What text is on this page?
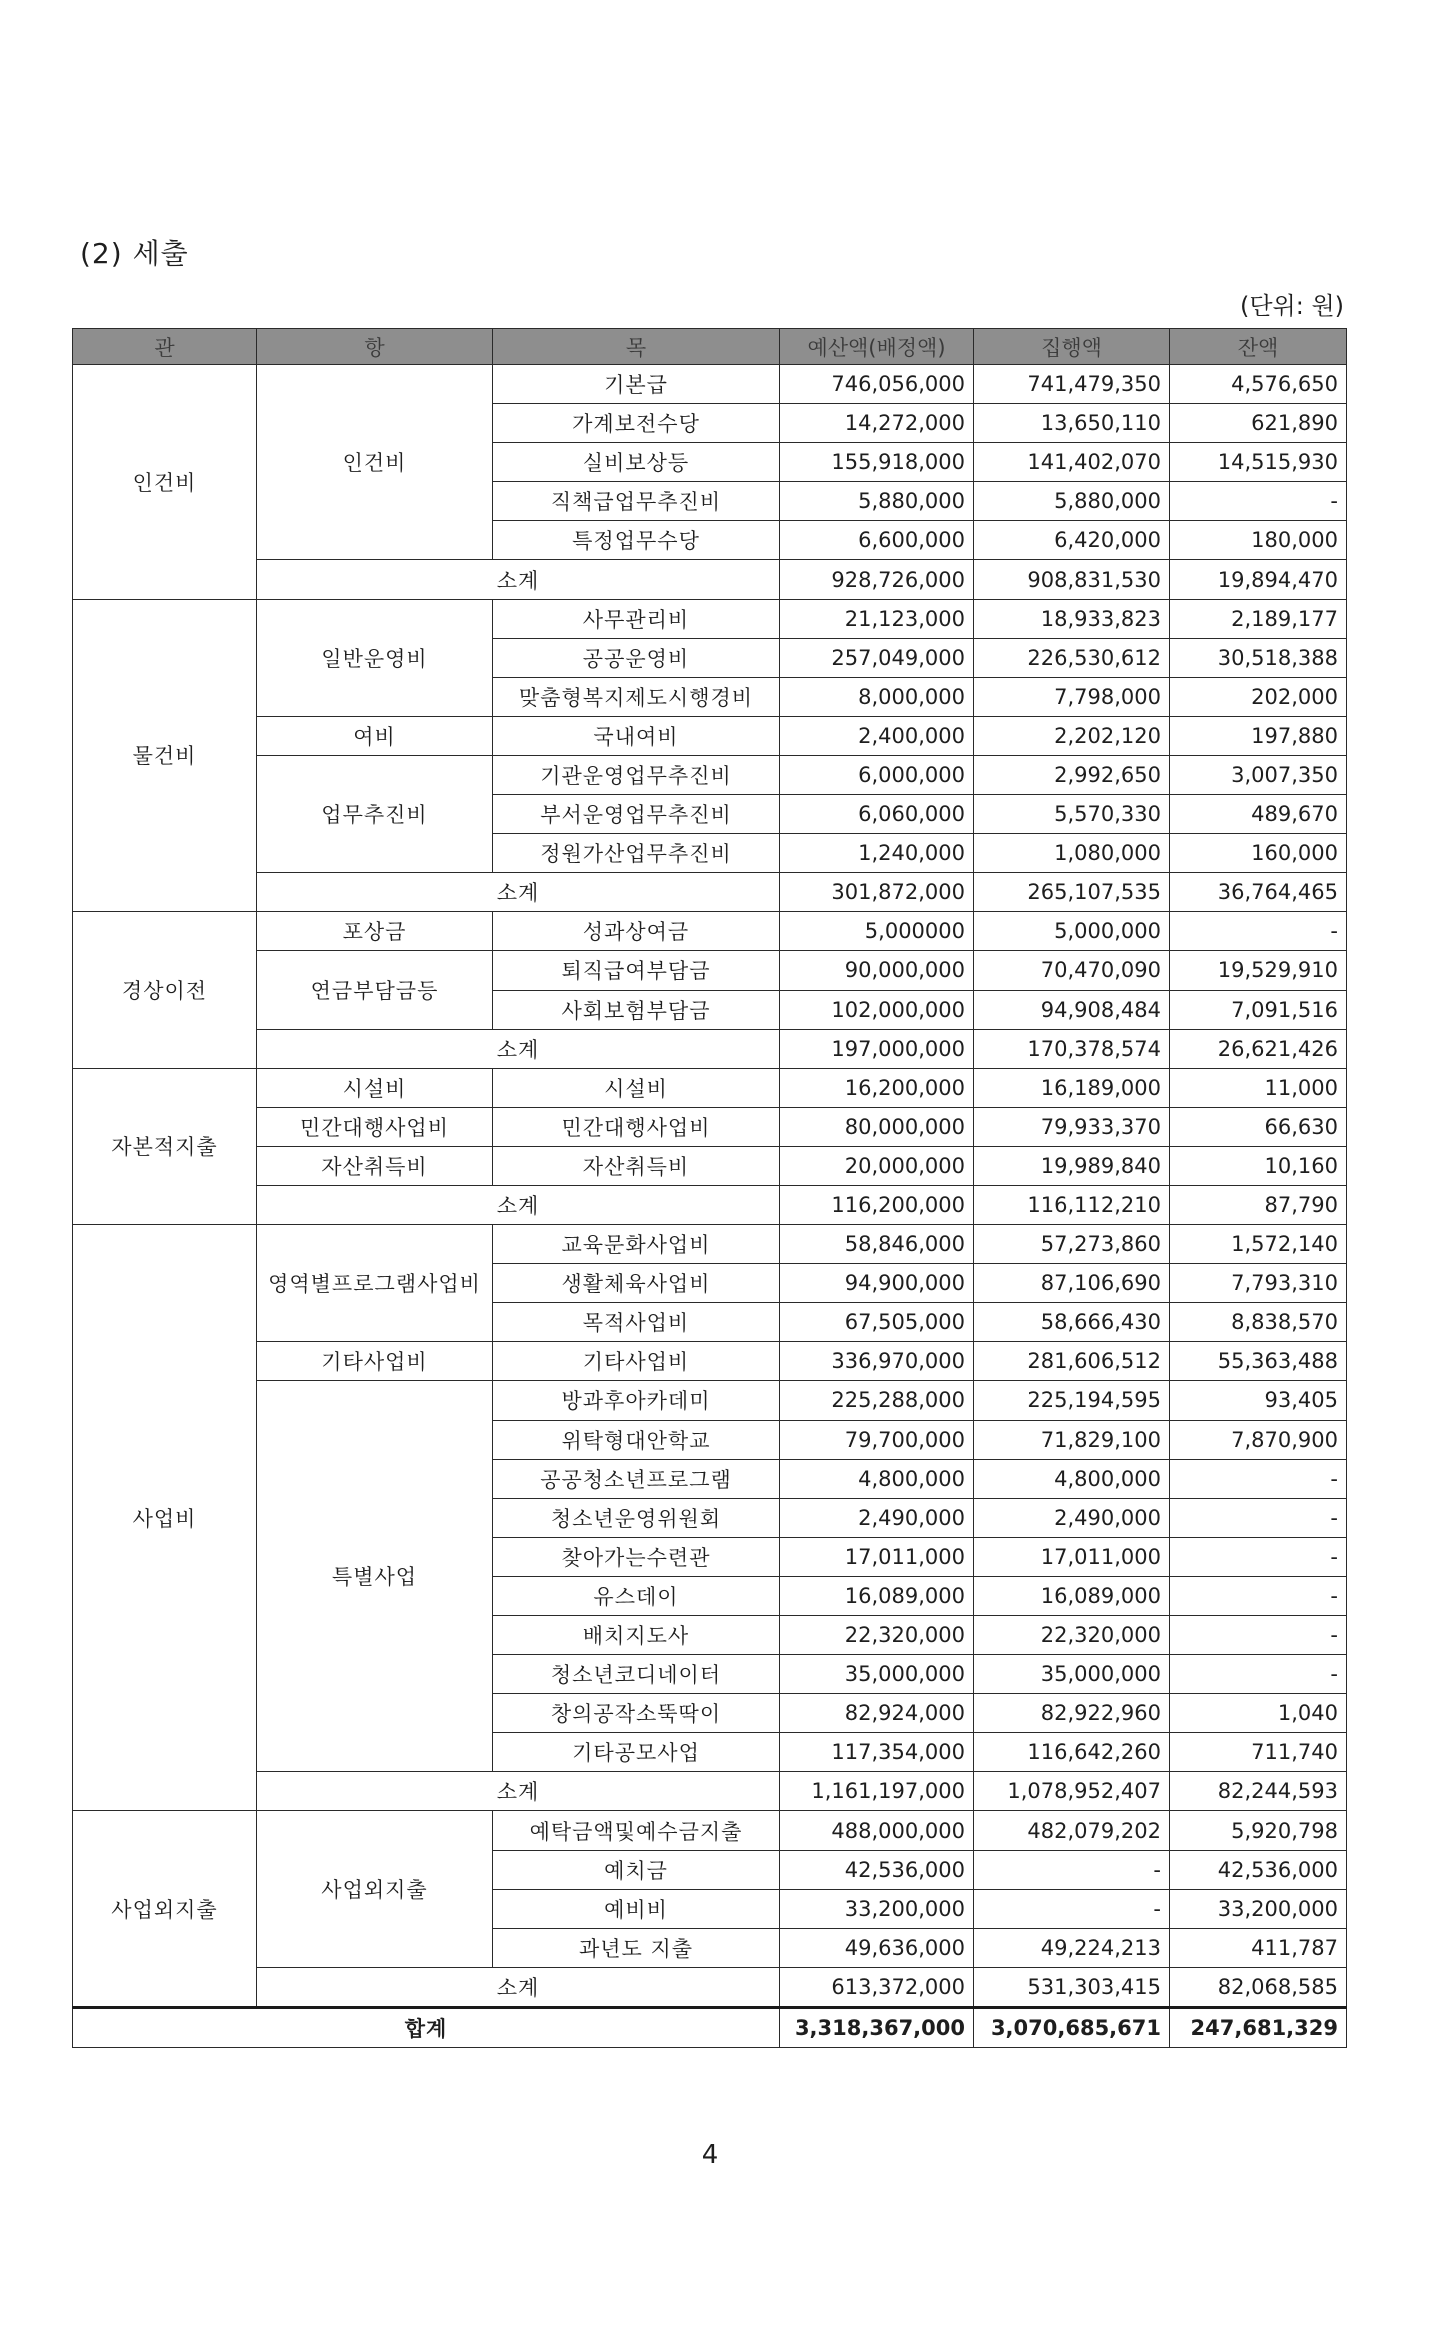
(2) 세출
(단위: 원)
관	항	목	예산액(배정액)	집행액	잔액
인건비	인건비	기본급	746,056,000	741,479,350	4,576,650
		가계보전수당	14,272,000	13,650,110	621,890
		실비보상등	155,918,000	141,402,070	14,515,930
		직책급업무추진비	5,880,000	5,880,000	-
		특정업무수당	6,600,000	6,420,000	180,000
	소계		928,726,000	908,831,530	19,894,470
물건비	일반운영비	사무관리비	21,123,000	18,933,823	2,189,177
		공공운영비	257,049,000	226,530,612	30,518,388
		맞춤형복지제도시행경비	8,000,000	7,798,000	202,000
	여비	국내여비	2,400,000	2,202,120	197,880
	업무추진비	기관운영업무추진비	6,000,000	2,992,650	3,007,350
		부서운영업무추진비	6,060,000	5,570,330	489,670
		정원가산업무추진비	1,240,000	1,080,000	160,000
	소계		301,872,000	265,107,535	36,764,465
경상이전	포상금	성과상여금	5,000000	5,000,000	-
	연금부담금등	퇴직급여부담금	90,000,000	70,470,090	19,529,910
		사회보험부담금	102,000,000	94,908,484	7,091,516
	소계		197,000,000	170,378,574	26,621,426
자본적지출	시설비	시설비	16,200,000	16,189,000	11,000
	민간대행사업비	민간대행사업비	80,000,000	79,933,370	66,630
	자산취득비	자산취득비	20,000,000	19,989,840	10,160
	소계		116,200,000	116,112,210	87,790
사업비	영역별프로그램사업비	교육문화사업비	58,846,000	57,273,860	1,572,140
		생활체육사업비	94,900,000	87,106,690	7,793,310
		목적사업비	67,505,000	58,666,430	8,838,570
	기타사업비	기타사업비	336,970,000	281,606,512	55,363,488
	특별사업	방과후아카데미	225,288,000	225,194,595	93,405
		위탁형대안학교	79,700,000	71,829,100	7,870,900
		공공청소년프로그램	4,800,000	4,800,000	-
		청소년운영위원회	2,490,000	2,490,000	-
		찾아가는수련관	17,011,000	17,011,000	-
		유스데이	16,089,000	16,089,000	-
		배치지도사	22,320,000	22,320,000	-
		청소년코디네이터	35,000,000	35,000,000	-
		창의공작소뚝딱이	82,924,000	82,922,960	1,040
		기타공모사업	117,354,000	116,642,260	711,740
	소계		1,161,197,000	1,078,952,407	82,244,593
사업외지출	사업외지출	예탁금액및예수금지출	488,000,000	482,079,202	5,920,798
		예치금	42,536,000	-	42,536,000
		예비비	33,200,000	-	33,200,000
		과년도 지출	49,636,000	49,224,213	411,787
	소계		613,372,000	531,303,415	82,068,585
합계			3,318,367,000	3,070,685,671	247,681,329
4
